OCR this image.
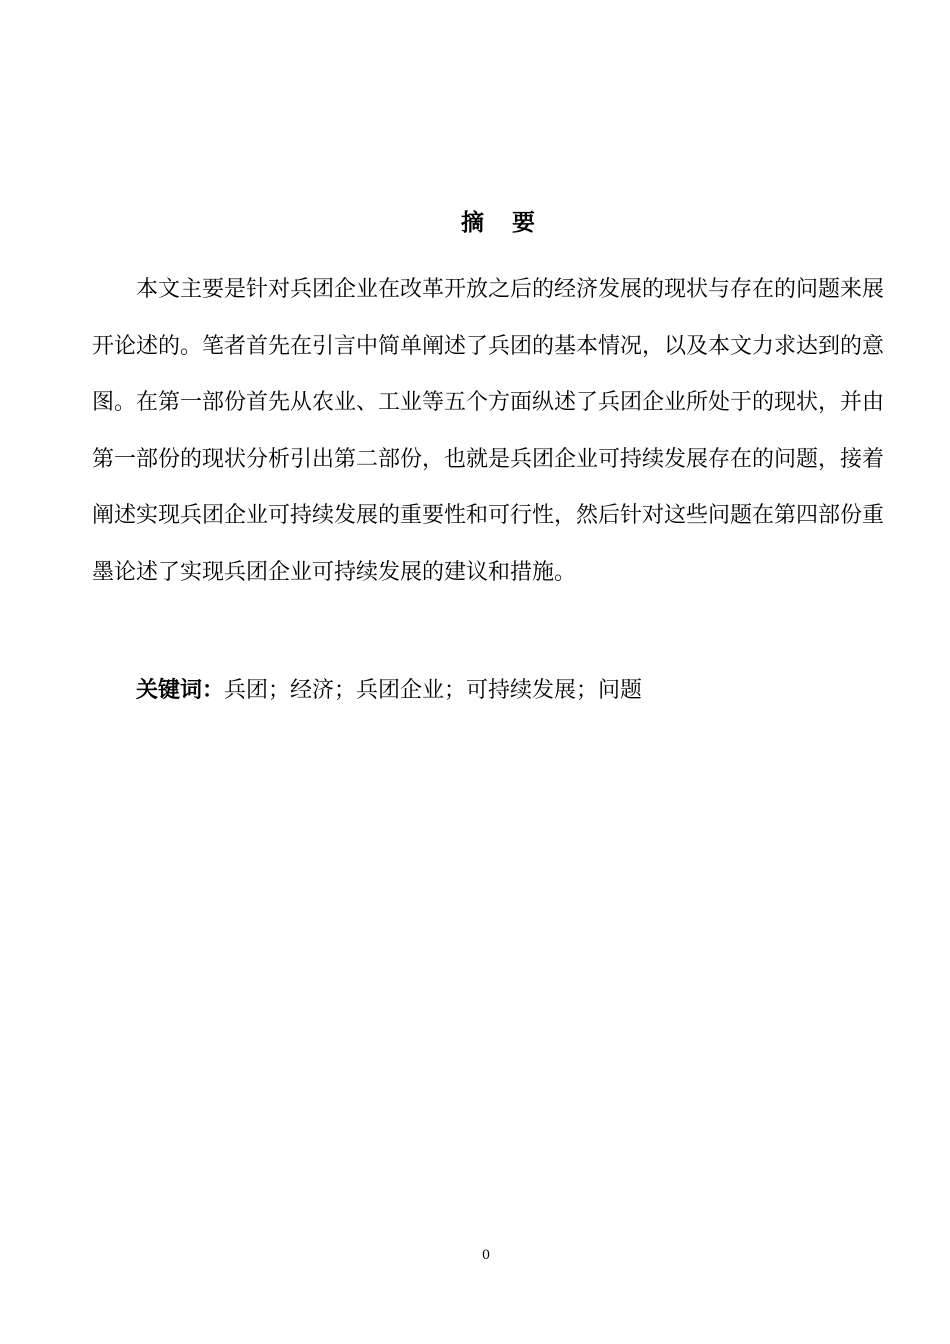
摘要

本文主要是针对兵团企业在改革开放之后的经济发展的现状与存在的问题来展开论述的。笔者首先在引言中简单阐述了兵团的基本情况，以及本文力求达到的意图。在第一部份首先从农业、工业等五个方面纵述了兵团企业所处于的现状，并由第一部份的现状分析引出第二部份，也就是兵团企业可持续发展存在的问题，接着阐述实现兵团企业可持续发展的重要性和可行性，然后针对这些问题在第四部份重墨论述了实现兵团企业可持续发展的建议和措施。

关键词：兵团；经济；兵团企业；可持续发展；问题
0
